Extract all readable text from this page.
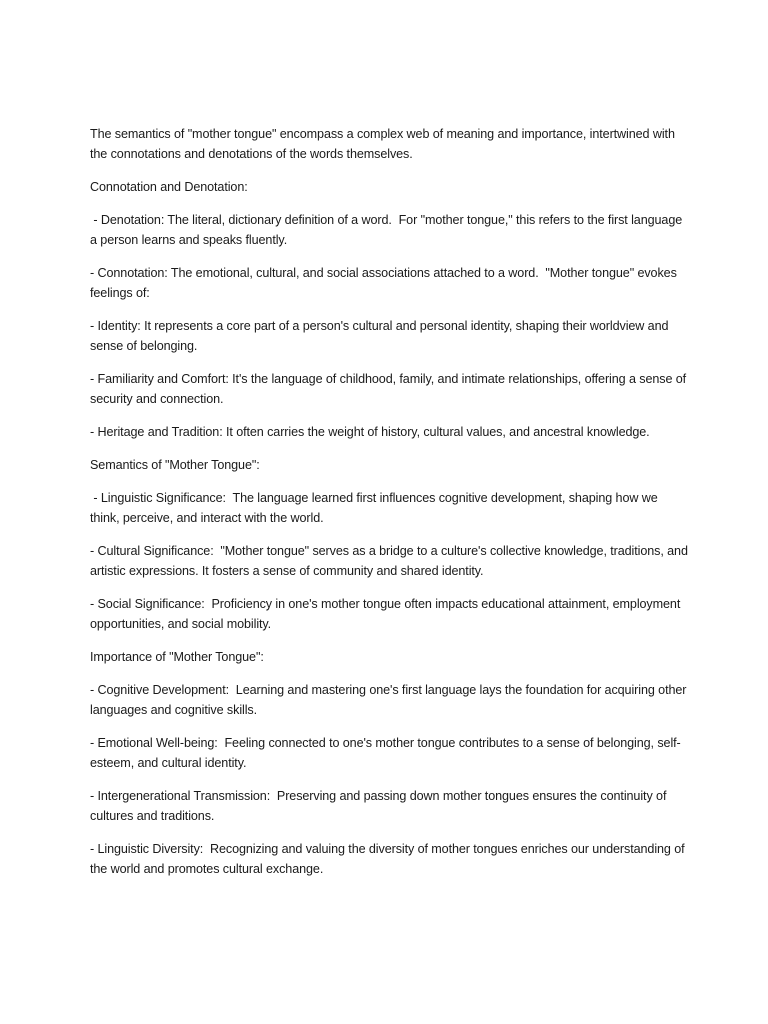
The semantics of "mother tongue" encompass a complex web of meaning and importance, intertwined with the connotations and denotations of the words themselves.

Connotation and Denotation:

- Denotation: The literal, dictionary definition of a word.  For "mother tongue," this refers to the first language a person learns and speaks fluently.

- Connotation: The emotional, cultural, and social associations attached to a word.  "Mother tongue" evokes feelings of:

- Identity: It represents a core part of a person's cultural and personal identity, shaping their worldview and sense of belonging.

- Familiarity and Comfort: It's the language of childhood, family, and intimate relationships, offering a sense of security and connection.

- Heritage and Tradition: It often carries the weight of history, cultural values, and ancestral knowledge.

Semantics of "Mother Tongue":

- Linguistic Significance:  The language learned first influences cognitive development, shaping how we think, perceive, and interact with the world.

- Cultural Significance:  "Mother tongue" serves as a bridge to a culture's collective knowledge, traditions, and artistic expressions. It fosters a sense of community and shared identity.

- Social Significance:  Proficiency in one's mother tongue often impacts educational attainment, employment opportunities, and social mobility.

Importance of "Mother Tongue":

- Cognitive Development:  Learning and mastering one's first language lays the foundation for acquiring other languages and cognitive skills.

- Emotional Well-being:  Feeling connected to one's mother tongue contributes to a sense of belonging, self-esteem, and cultural identity.

- Intergenerational Transmission:  Preserving and passing down mother tongues ensures the continuity of cultures and traditions.

- Linguistic Diversity:  Recognizing and valuing the diversity of mother tongues enriches our understanding of the world and promotes cultural exchange.
